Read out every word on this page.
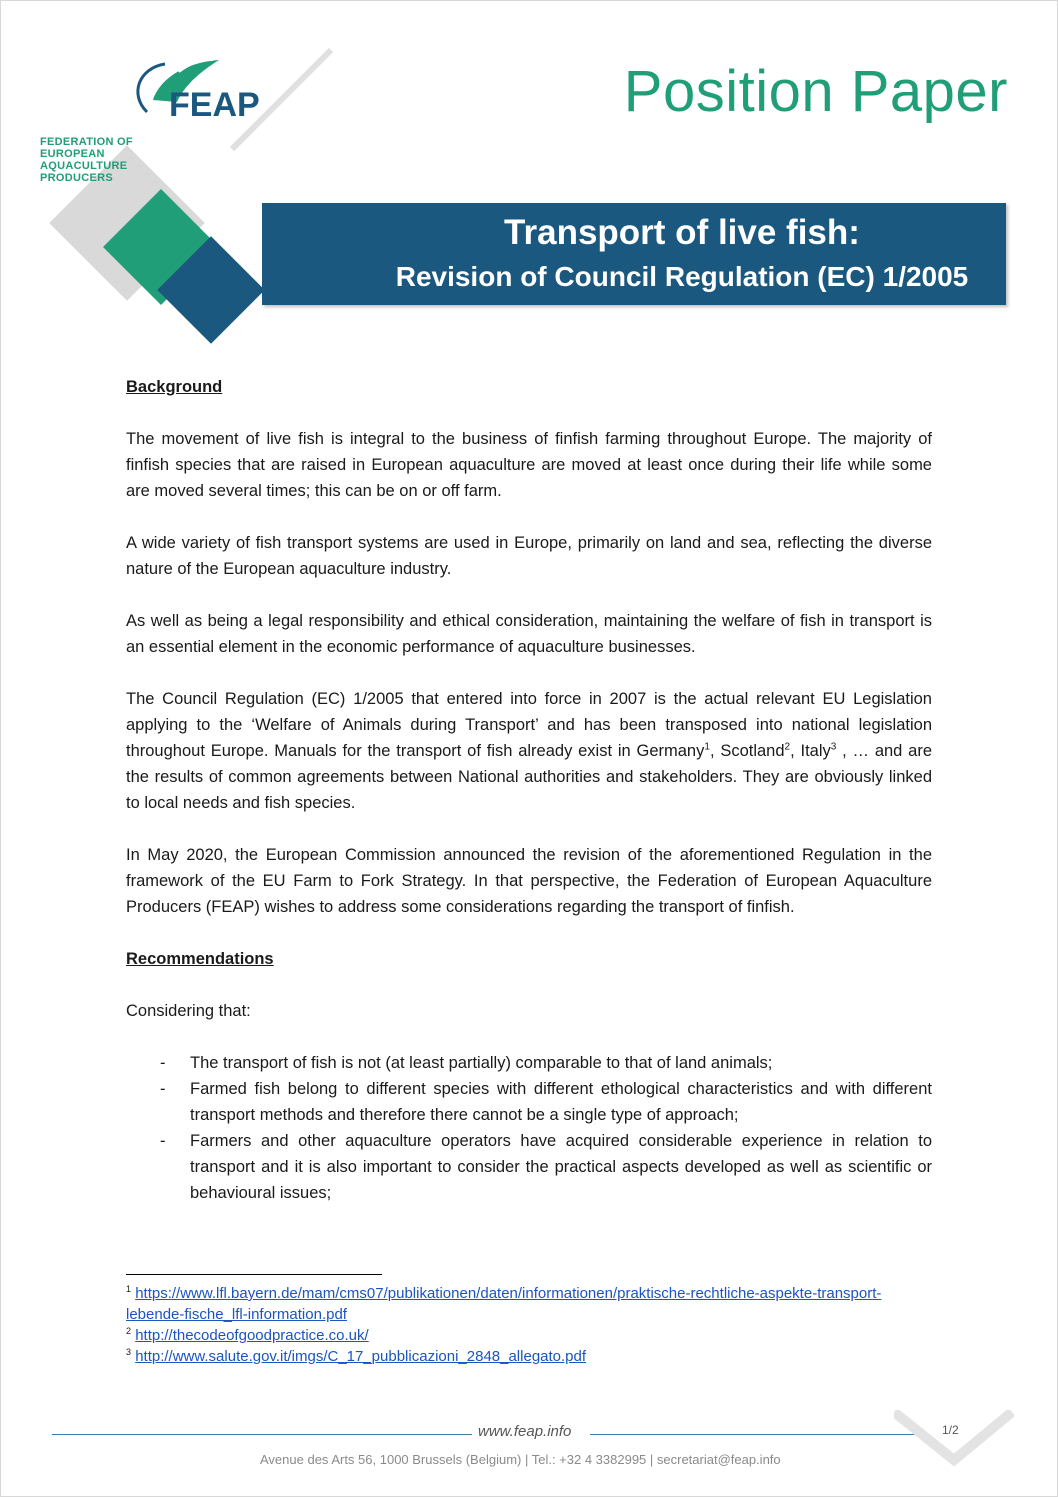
FEAP
FEDERATION OF
EUROPEAN
AQUACULTURE
PRODUCERS
Position Paper
Transport of live fish:
Revision of Council Regulation (EC) 1/2005

Background

The movement of live fish is integral to the business of finfish farming throughout Europe. The majority of finfish species that are raised in European aquaculture are moved at least once during their life while some are moved several times; this can be on or off farm.

A wide variety of fish transport systems are used in Europe, primarily on land and sea, reflecting the diverse nature of the European aquaculture industry.

As well as being a legal responsibility and ethical consideration, maintaining the welfare of fish in transport is an essential element in the economic performance of aquaculture businesses.

The Council Regulation (EC) 1/2005 that entered into force in 2007 is the actual relevant EU Legislation applying to the ‘Welfare of Animals during Transport’ and has been transposed into national legislation throughout Europe. Manuals for the transport of fish already exist in Germany$^1$, Scotland$^2$, Italy$^3$ , … and are the results of common agreements between National authorities and stakeholders. They are obviously linked to local needs and fish species.

In May 2020, the European Commission announced the revision of the aforementioned Regulation in the framework of the EU Farm to Fork Strategy. In that perspective, the Federation of European Aquaculture Producers (FEAP) wishes to address some considerations regarding the transport of finfish.

Recommendations

Considering that:

- The transport of fish is not (at least partially) comparable to that of land animals;
- Farmed fish belong to different species with different ethological characteristics and with different transport methods and therefore there cannot be a single type of approach;
- Farmers and other aquaculture operators have acquired considerable experience in relation to transport and it is also important to consider the practical aspects developed as well as scientific or behavioural issues;
$^1$ https://www.lfl.bayern.de/mam/cms07/publikationen/daten/informationen/praktische-rechtliche-aspekte-transport-lebende-fische_lfl-information.pdf
$^2$ http://thecodeofgoodpractice.co.uk/
$^3$ http://www.salute.gov.it/imgs/C_17_pubblicazioni_2848_allegato.pdf
www.feap.info	1/2
Avenue des Arts 56, 1000 Brussels (Belgium) | Tel.: +32 4 3382995 | secretariat@feap.info
